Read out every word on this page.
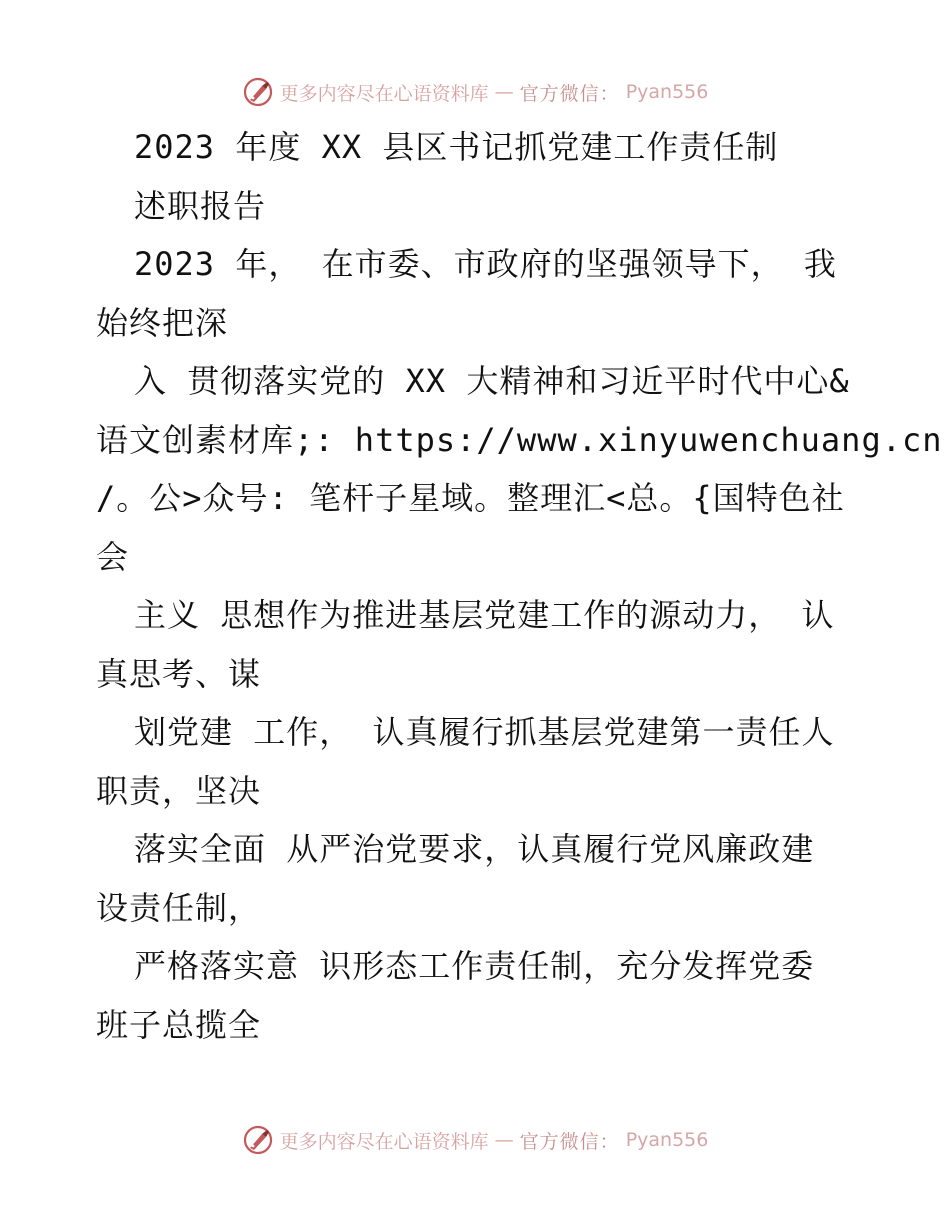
更多内容尽在心语资料库 — 官方微信： Pyan556
2023 年度 XX 县区书记抓党建工作责任制
述职报告
2023 年， 在市委、市政府的坚强领导下， 我
始终把深
入 贯彻落实党的 XX 大精神和习近平时代中心&
语文创素材库;: https://www.xinyuwenchuang.cn
/。公>众号: 笔杆子星域。整理汇<总。{国特色社
会
主义 思想作为推进基层党建工作的源动力， 认
真思考、谋
划党建 工作， 认真履行抓基层党建第一责任人
职责，坚决
落实全面 从严治党要求，认真履行党风廉政建
设责任制，
严格落实意 识形态工作责任制，充分发挥党委
班子总揽全
更多内容尽在心语资料库 — 官方微信： Pyan556
